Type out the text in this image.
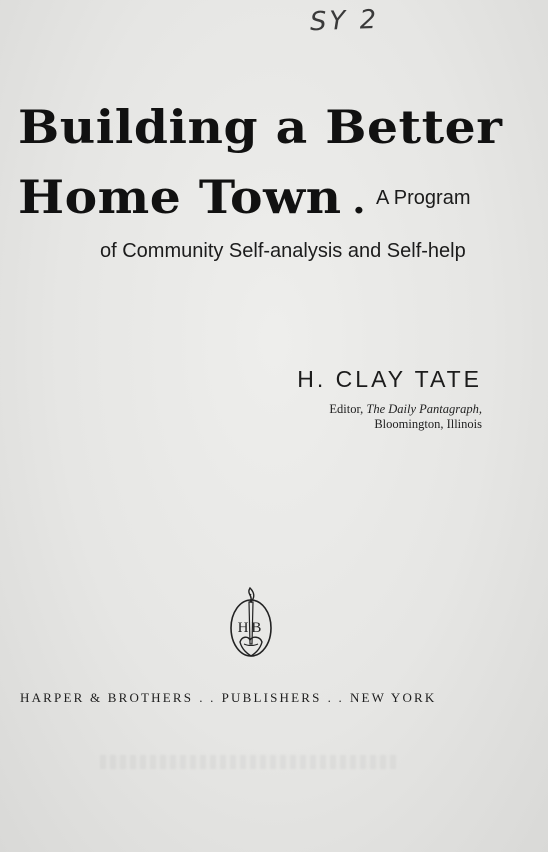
SY 2
Building a Better
Home Town . A Program
of Community Self-analysis and Self-help
H. CLAY TATE
Editor, The Daily Pantagraph,
Bloomington, Illinois
HB
HARPER & BROTHERS . . PUBLISHERS . . NEW YORK
